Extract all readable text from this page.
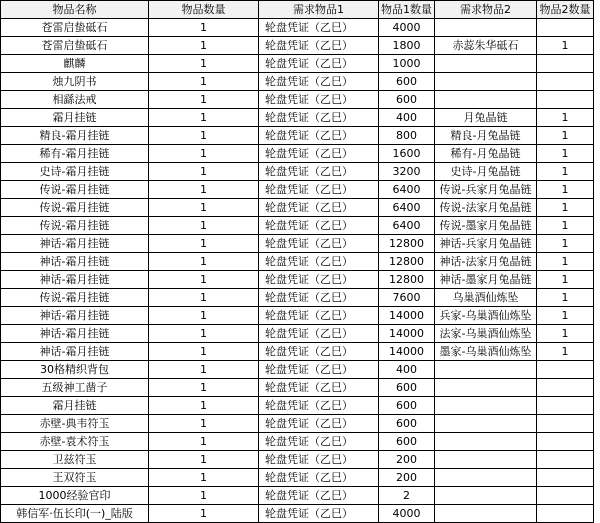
物品名称	物品数量	需求物品1	物品1数量	需求物品2	物品2数量
苍雷启蛰砥石	1	轮盘凭证（乙巳）	4000		
苍雷启蛰砥石	1	轮盘凭证（乙巳）	1800	赤蕊朱华砥石	1
麒麟	1	轮盘凭证（乙巳）	1000		
烛九阴书	1	轮盘凭证（乙巳）	600		
相繇法戒	1	轮盘凭证（乙巳）	600		
霜月挂链	1	轮盘凭证（乙巳）	400	月兔晶链	1
精良-霜月挂链	1	轮盘凭证（乙巳）	800	精良-月兔晶链	1
稀有-霜月挂链	1	轮盘凭证（乙巳）	1600	稀有-月兔晶链	1
史诗-霜月挂链	1	轮盘凭证（乙巳）	3200	史诗-月兔晶链	1
传说-霜月挂链	1	轮盘凭证（乙巳）	6400	传说-兵家月兔晶链	1
传说-霜月挂链	1	轮盘凭证（乙巳）	6400	传说-法家月兔晶链	1
传说-霜月挂链	1	轮盘凭证（乙巳）	6400	传说-墨家月兔晶链	1
神话-霜月挂链	1	轮盘凭证（乙巳）	12800	神话-兵家月兔晶链	1
神话-霜月挂链	1	轮盘凭证（乙巳）	12800	神话-法家月兔晶链	1
神话-霜月挂链	1	轮盘凭证（乙巳）	12800	神话-墨家月兔晶链	1
传说-霜月挂链	1	轮盘凭证（乙巳）	7600	乌巢酒仙炼坠	1
神话-霜月挂链	1	轮盘凭证（乙巳）	14000	兵家-乌巢酒仙炼坠	1
神话-霜月挂链	1	轮盘凭证（乙巳）	14000	法家-乌巢酒仙炼坠	1
神话-霜月挂链	1	轮盘凭证（乙巳）	14000	墨家-乌巢酒仙炼坠	1
30格精织背包	1	轮盘凭证（乙巳）	400		
五级神工凿子	1	轮盘凭证（乙巳）	600		
霜月挂链	1	轮盘凭证（乙巳）	600		
赤壁-典韦符玉	1	轮盘凭证（乙巳）	600		
赤壁-袁术符玉	1	轮盘凭证（乙巳）	600		
卫兹符玉	1	轮盘凭证（乙巳）	200		
王双符玉	1	轮盘凭证（乙巳）	200		
1000经验官印	1	轮盘凭证（乙巳）	2		
韩信军·伍长印(一)_陆版	1	轮盘凭证（乙巳）	4000		
